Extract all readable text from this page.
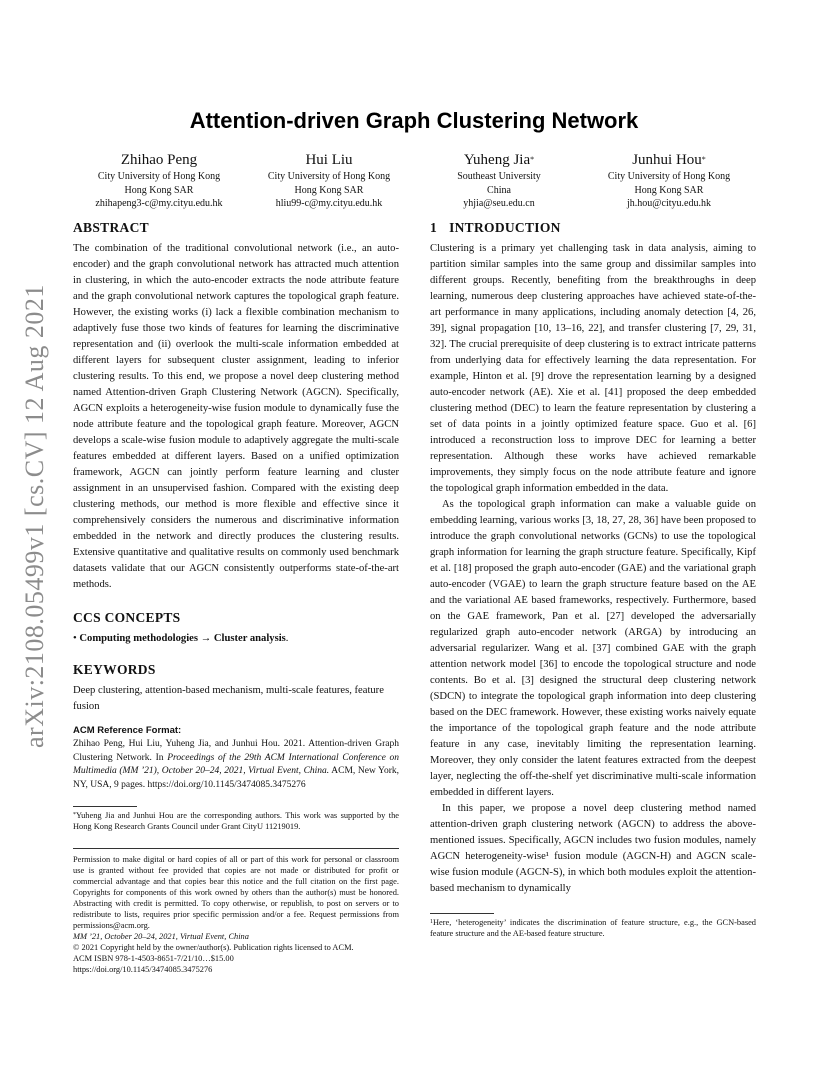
arXiv:2108.05499v1 [cs.CV] 12 Aug 2021
Attention-driven Graph Clustering Network
Zhihao Peng
City University of Hong Kong
Hong Kong SAR
zhihapeng3-c@my.cityu.edu.hk
Hui Liu
City University of Hong Kong
Hong Kong SAR
hliu99-c@my.cityu.edu.hk
Yuheng Jia*
Southeast University
China
yhjia@seu.edu.cn
Junhui Hou*
City University of Hong Kong
Hong Kong SAR
jh.hou@cityu.edu.hk
ABSTRACT

The combination of the traditional convolutional network (i.e., an auto-encoder) and the graph convolutional network has attracted much attention in clustering, in which the auto-encoder extracts the node attribute feature and the graph convolutional network captures the topological graph feature. However, the existing works (i) lack a flexible combination mechanism to adaptively fuse those two kinds of features for learning the discriminative representation and (ii) overlook the multi-scale information embedded at different layers for subsequent cluster assignment, leading to inferior clustering results. To this end, we propose a novel deep clustering method named Attention-driven Graph Clustering Network (AGCN). Specifically, AGCN exploits a heterogeneity-wise fusion module to dynamically fuse the node attribute feature and the topological graph feature. Moreover, AGCN develops a scale-wise fusion module to adaptively aggregate the multi-scale features embedded at different layers. Based on a unified optimization framework, AGCN can jointly perform feature learning and cluster assignment in an unsupervised fashion. Compared with the existing deep clustering methods, our method is more flexible and effective since it comprehensively considers the numerous and discriminative information embedded in the network and directly produces the clustering results. Extensive quantitative and qualitative results on commonly used benchmark datasets validate that our AGCN consistently outperforms state-of-the-art methods.

CCS CONCEPTS

• Computing methodologies → Cluster analysis.

KEYWORDS

Deep clustering, attention-based mechanism, multi-scale features, feature fusion

ACM Reference Format:

Zhihao Peng, Hui Liu, Yuheng Jia, and Junhui Hou. 2021. Attention-driven Graph Clustering Network. In Proceedings of the 29th ACM International Conference on Multimedia (MM ’21), October 20–24, 2021, Virtual Event, China. ACM, New York, NY, USA, 9 pages. https://doi.org/10.1145/3474085.3475276

*Yuheng Jia and Junhui Hou are the corresponding authors. This work was supported by the Hong Kong Research Grants Council under Grant CityU 11219019.

Permission to make digital or hard copies of all or part of this work for personal or classroom use is granted without fee provided that copies are not made or distributed for profit or commercial advantage and that copies bear this notice and the full citation on the first page. Copyrights for components of this work owned by others than the author(s) must be honored. Abstracting with credit is permitted. To copy otherwise, or republish, to post on servers or to redistribute to lists, requires prior specific permission and/or a fee. Request permissions from permissions@acm.org.

MM ’21, October 20–24, 2021, Virtual Event, China

© 2021 Copyright held by the owner/author(s). Publication rights licensed to ACM.

ACM ISBN 978-1-4503-8651-7/21/10…$15.00

https://doi.org/10.1145/3474085.3475276

1 INTRODUCTION

Clustering is a primary yet challenging task in data analysis, aiming to partition similar samples into the same group and dissimilar samples into different groups. Recently, benefiting from the breakthroughs in deep learning, numerous deep clustering approaches have achieved state-of-the-art performance in many applications, including anomaly detection [4, 26, 39], signal propagation [10, 13–16, 22], and transfer clustering [7, 29, 31, 32]. The crucial prerequisite of deep clustering is to extract intricate patterns from underlying data for effectively learning the data representation. For example, Hinton et al. [9] drove the representation learning by a designed auto-encoder network (AE). Xie et al. [41] proposed the deep embedded clustering method (DEC) to learn the feature representation by clustering a set of data points in a jointly optimized feature space. Guo et al. [6] introduced a reconstruction loss to improve DEC for learning a better representation. Although these works have achieved remarkable improvements, they simply focus on the node attribute feature and ignore the topological graph information embedded in the data.

As the topological graph information can make a valuable guide on embedding learning, various works [3, 18, 27, 28, 36] have been proposed to introduce the graph convolutional networks (GCNs) to use the topological graph information for learning the graph structure feature. Specifically, Kipf et al. [18] proposed the graph auto-encoder (GAE) and the variational graph auto-encoder (VGAE) to learn the graph structure feature based on the AE and the variational AE based frameworks, respectively. Furthermore, based on the GAE framework, Pan et al. [27] developed the adversarially regularized graph auto-encoder network (ARGA) by introducing an adversarial regularizer. Wang et al. [37] combined GAE with the graph attention network model [36] to encode the topological structure and node contents. Bo et al. [3] designed the structural deep clustering network (SDCN) to integrate the topological graph information into deep clustering based on the DEC framework. However, these existing works naively equate the importance of the topological graph feature and the node attribute feature in any case, inevitably limiting the representation learning. Moreover, they only consider the latent features extracted from the deepest layer, neglecting the off-the-shelf yet discriminative multi-scale information embedded in different layers.

In this paper, we propose a novel deep clustering method named attention-driven graph clustering network (AGCN) to address the above-mentioned issues. Specifically, AGCN includes two fusion modules, namely AGCN heterogeneity-wise¹ fusion module (AGCN-H) and AGCN scale-wise fusion module (AGCN-S), in which both modules exploit the attention-based mechanism to dynamically

$^1$Here, ‘heterogeneity’ indicates the discrimination of feature structure, e.g., the GCN-based feature structure and the AE-based feature structure.
